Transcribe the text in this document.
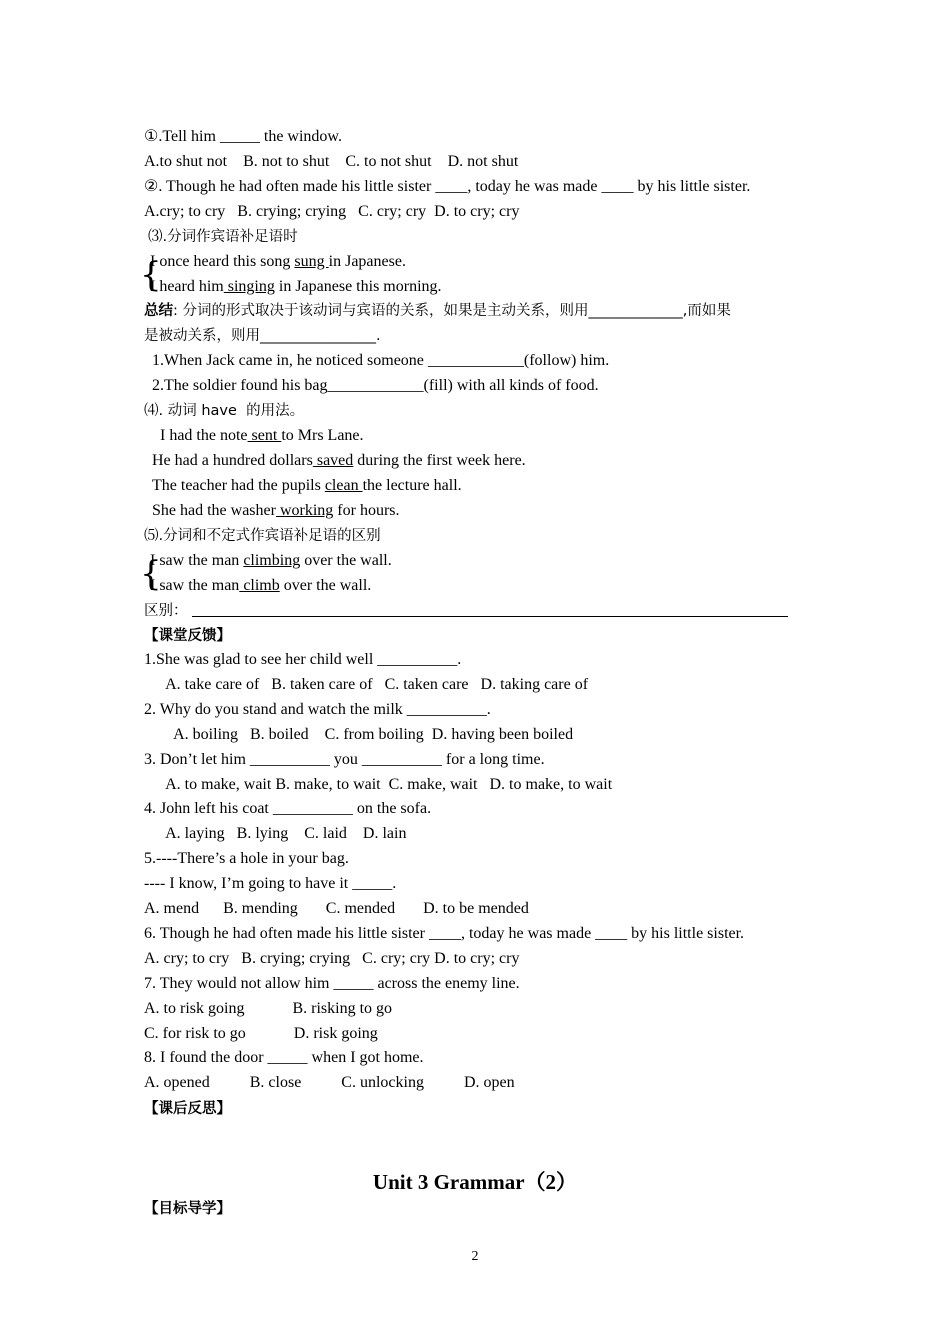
①.Tell him _____ the window.
A.to shut not    B. not to shut    C. to not shut    D. not shut
②. Though he had often made his little sister ____, today he was made ____ by his little sister.
A.cry; to cry   B. crying; crying   C. cry; cry  D. to cry; cry
⑶.分词作宾语补足语时
{
I once heard this song sung in Japanese.
I heard him singing in Japanese this morning.
总结: 分词的形式取决于该动词与宾语的关系，如果是主动关系，则用_____________,而如果
是被动关系，则用________________.
1.When Jack came in, he noticed someone ____________(follow) him.
2.The soldier found his bag____________(fill) with all kinds of food.
⑷. 动词 have  的用法。
I had the note sent to Mrs Lane.
He had a hundred dollars saved during the first week here.
The teacher had the pupils clean the lecture hall.
She had the washer working for hours.
⑸.分词和不定式作宾语补足语的区别
{
I saw the man climbing over the wall.
I saw the man climb over the wall.
区别：
【课堂反馈】
1.She was glad to see her child well __________.
A. take care of   B. taken care of   C. taken care   D. taking care of
2. Why do you stand and watch the milk __________.
A. boiling   B. boiled    C. from boiling  D. having been boiled
3. Don’t let him __________ you __________ for a long time.
A. to make, wait B. make, to wait  C. make, wait   D. to make, to wait
4. John left his coat __________ on the sofa.
A. laying   B. lying    C. laid    D. lain
5.----There’s a hole in your bag.
---- I know, I’m going to have it _____.
A. mend      B. mending       C. mended       D. to be mended
6. Though he had often made his little sister ____, today he was made ____ by his little sister.
A. cry; to cry   B. crying; crying   C. cry; cry D. to cry; cry
7. They would not allow him _____ across the enemy line.
A. to risk going            B. risking to go
C. for risk to go            D. risk going
8. I found the door _____ when I got home.
A. opened          B. close          C. unlocking          D. open
【课后反思】
Unit 3 Grammar（2）
【目标导学】
2
